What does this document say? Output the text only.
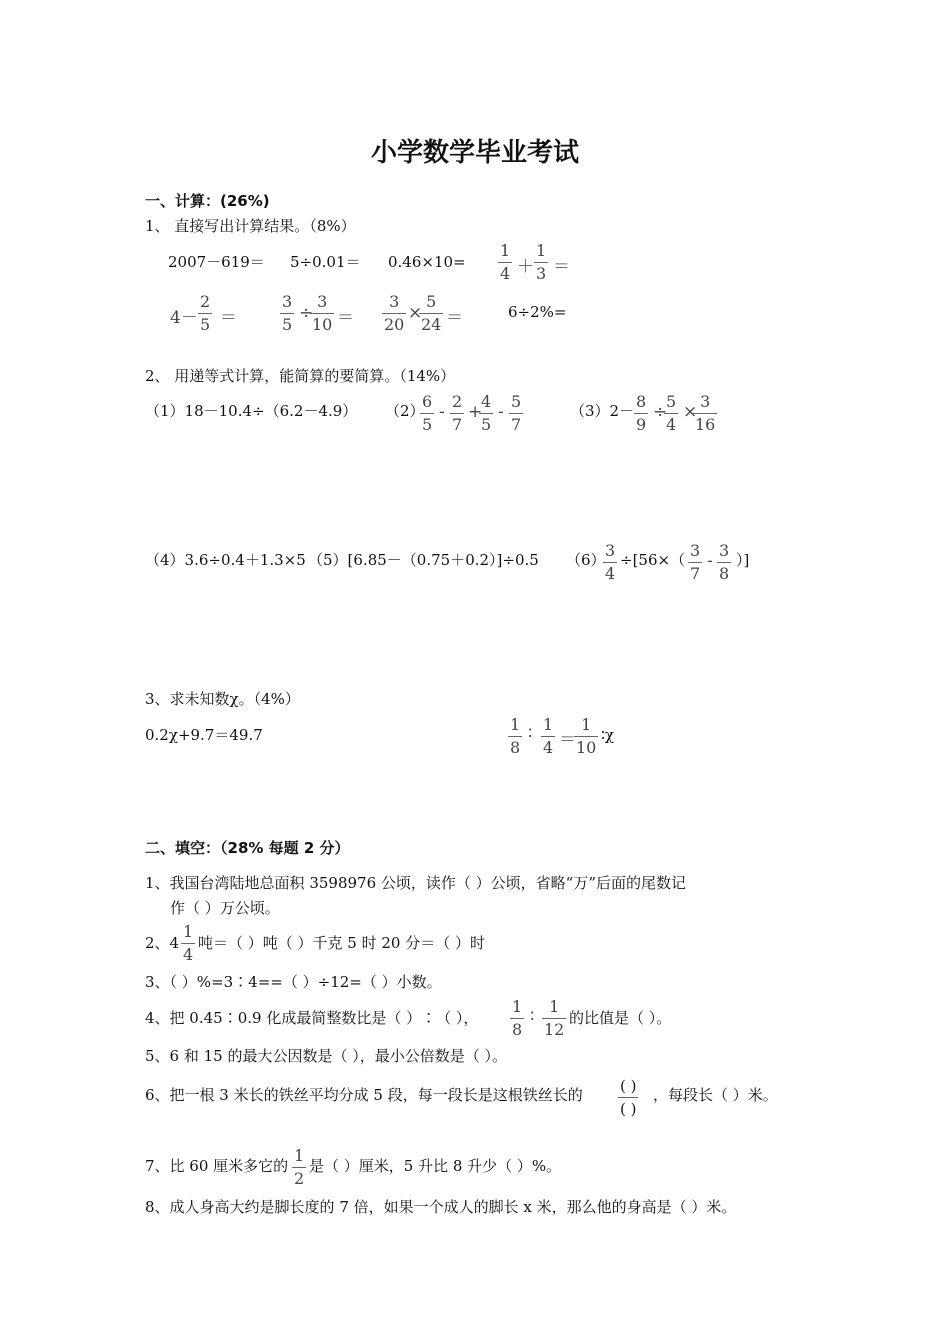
小学数学毕业考试
一、计算：(26%)
1、 直接写出计算结果。（8%）
2007－619＝ 5÷0.01＝ 0.46×10=
1
4 ＋
1
3 ＝
4－
2
5 ＝
3
5
÷
3
10 ＝
3
20
×
5
24 ＝	6÷2%=
2、 用递等式计算，能简算的要简算。（14%）
（1）18－10.4÷（6.2－4.9） （2）
6
5
-
2
7
+
4
5
-
5
7
（3）2－ 8
9
÷
5
4
×
3
16
（4）3.6÷0.4＋1.3×5 （5）[6.85－（0.75＋0.2）]÷0.5 （6） 3
4
÷[56×（ 3
7
-
3
8
）]
3、求未知数χ。（4%）
0.2χ+9.7＝49.7
1
8
∶ 1
4 ＝
1
10
∶χ
二、填空：（28% 每题 2 分）
1、我国台湾陆地总面积 3598976 公顷，读作（ ）公顷，省略“万”后面的尾数记
作（ ）万公顷。
2、4
1
4
吨＝（ ）吨（ ）千克 5 时 20 分＝（ ）时
3、（ ）%=3∶4==（ ）÷12=（ ）小数。
4、把 0.45∶0.9 化成最简整数比是（ ）∶（ ），
1
8
∶
1
12
的比值是（ ）。
5、6 和 15 的最大公因数是（ ），最小公倍数是（ ）。
6、把一根 3 米长的铁丝平均分成 5 段，每一段长是这根铁丝长的 ( )
( )
，每段长（ ）米。
7、比 60 厘米多它的
1
2
是（ ）厘米，5 升比 8 升少（ ）%。
8、成人身高大约是脚长度的 7 倍，如果一个成人的脚长 x 米，那么他的身高是（ ）米。
